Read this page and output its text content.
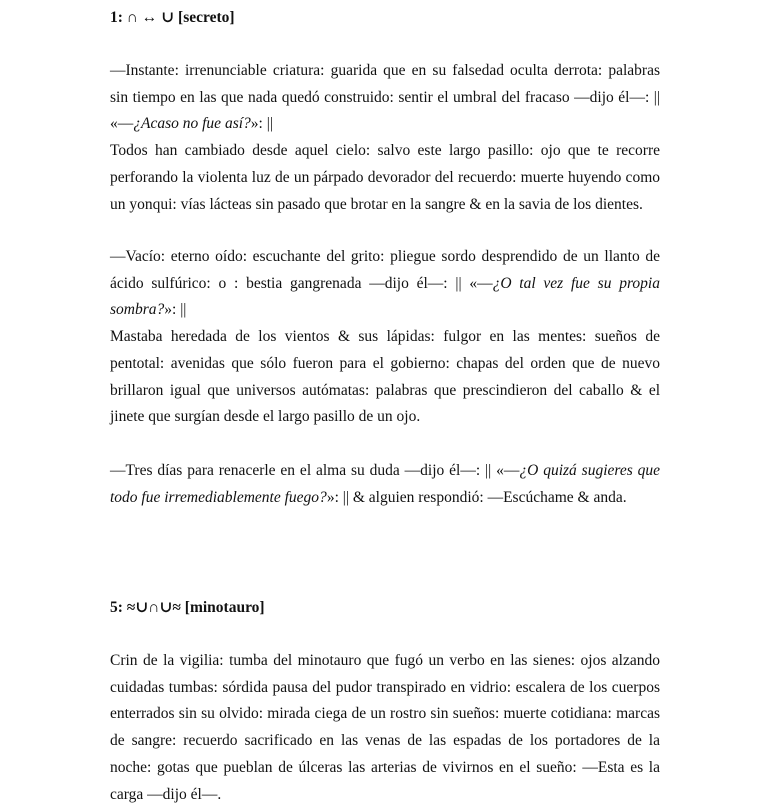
1: ∩ ↔ ∪ [secreto]
—Instante: irrenunciable criatura: guarida que en su falsedad oculta derrota: palabras
sin tiempo en las que nada quedó construido: sentir el umbral del fracaso —dijo él—: ||
«—¿Acaso no fue así?»: ||
Todos han cambiado desde aquel cielo: salvo este largo pasillo: ojo que te recorre
perforando la violenta luz de un párpado devorador del recuerdo: muerte huyendo como
un yonqui: vías lácteas sin pasado que brotar en la sangre & en la savia de los dientes.
—Vacío: eterno oído: escuchante del grito: pliegue sordo desprendido de un llanto de
ácido sulfúrico: o : bestia gangrenada —dijo él—: || «—¿O tal vez fue su propia
sombra?»: ||
Mastaba heredada de los vientos & sus lápidas: fulgor en las mentes: sueños de
pentotal: avenidas que sólo fueron para el gobierno: chapas del orden que de nuevo
brillaron igual que universos autómatas: palabras que prescindieron del caballo & el
jinete que surgían desde el largo pasillo de un ojo.
—Tres días para renacerle en el alma su duda —dijo él—: || «—¿O quizá sugieres que
todo fue irremediablemente fuego?»: || & alguien respondió: —Escúchame & anda.
5: ≈∪∩∪≈ [minotauro]
Crin de la vigilia: tumba del minotauro que fugó un verbo en las sienes: ojos alzando
cuidadas tumbas: sórdida pausa del pudor transpirado en vidrio: escalera de los cuerpos
enterrados sin su olvido: mirada ciega de un rostro sin sueños: muerte cotidiana: marcas
de sangre: recuerdo sacrificado en las venas de las espadas de los portadores de la
noche: gotas que pueblan de úlceras las arterias de vivirnos en el sueño: —Esta es la
carga —dijo él—.
